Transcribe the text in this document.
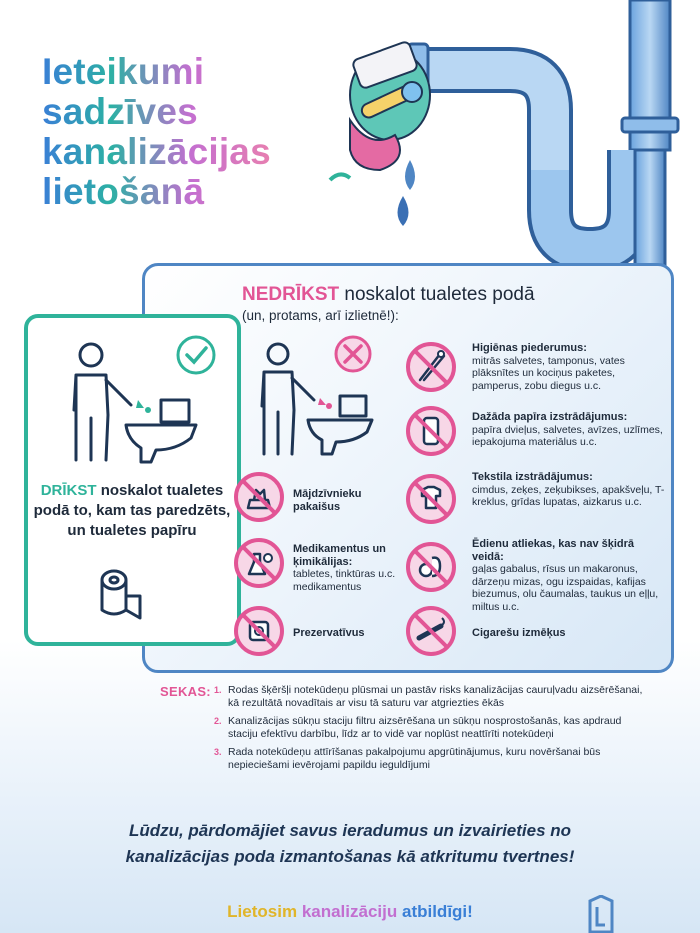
Ieteikumi
sadzīves
kanalizācijas
lietošanā
NEDRĪKST noskalot tualetes podā
(un, protams, arī izlietnē!):
DRĪKST noskalot tualetes podā to, kam tas paredzēts, un tualetes papīru
Higiēnas piederumus:
mitrās salvetes, tamponus, vates plāksnītes un kociņus paketes, pamperus, zobu diegus u.c.
Dažāda papīra izstrādājumus:
papīra dvieļus, salvetes, avīzes, uzlīmes, iepakojuma materiālus u.c.
Mājdzīvnieku pakaišus
Tekstila izstrādājumus:
cimdus, zeķes, zeķubikses, apakšveļu, T-kreklus, grīdas lupatas, aizkarus u.c.
Medikamentus un ķimikālijas:
tabletes, tinktūras u.c. medikamentus
Ēdienu atliekas, kas nav šķidrā veidā:
gaļas gabalus, rīsus un makaronus, dārzeņu mizas, ogu izspaidas, kafijas biezumus, olu čaumalas, taukus un eļļu, miltus u.c.
Prezervatīvus	Cigarešu izmēķus
SEKAS: 1. Rodas šķēršļi notekūdeņu plūsmai un pastāv risks kanalizācijas cauruļvadu aizsērēšanai, kā rezultātā novadītais ar visu tā saturu var atgriezties ēkās
2. Kanalizācijas sūkņu staciju filtru aizsērēšana un sūkņu nosprostošanās, kas apdraud staciju efektīvu darbību, līdz ar to vidē var noplūst neattīrīti notekūdeņi
3. Rada notekūdeņu attīrīšanas pakalpojumu apgrūtinājumus, kuru novēršanai būs nepieciešami ievērojami papildu ieguldījumi
Lūdzu, pārdomājiet savus ieradumus un izvairieties no
kanalizācijas poda izmantošanas kā atkritumu tvertnes!
Lietosim kanalizāciju atbildīgi!
